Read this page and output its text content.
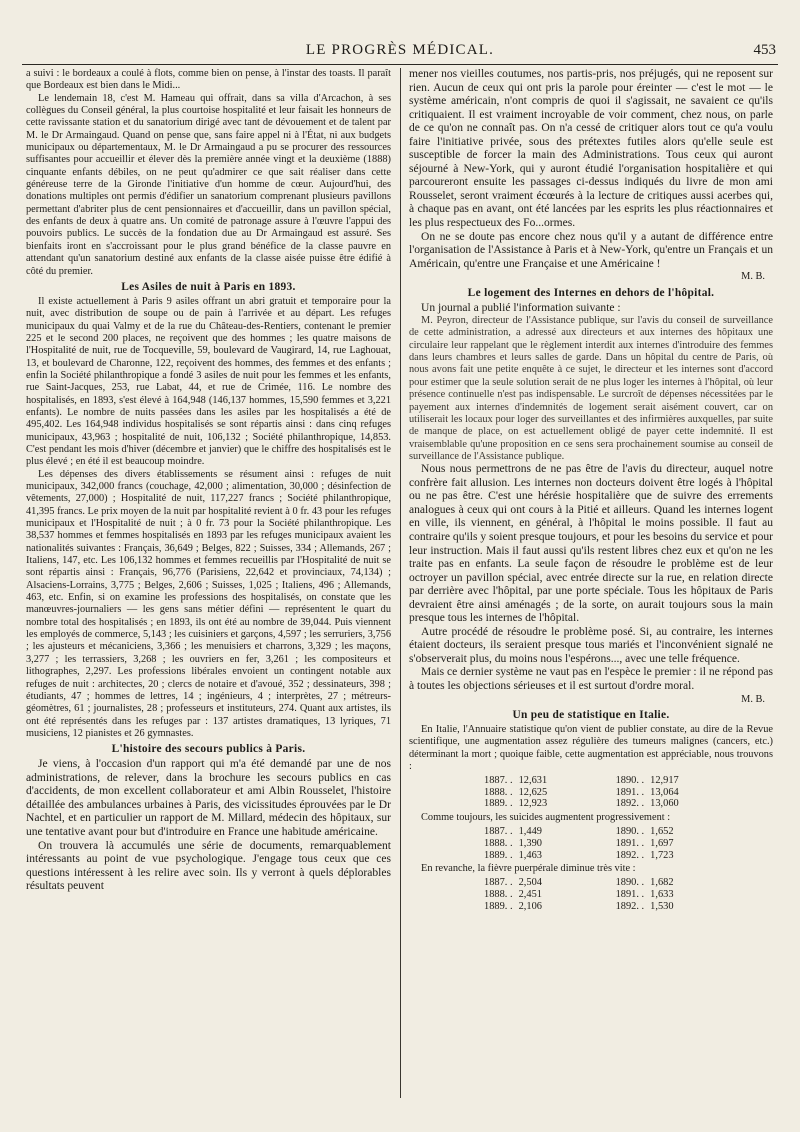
LE PROGRÈS MÉDICAL.	453

a suivi : le bordeaux a coulé à flots, comme bien on pense, à l'instar des toasts. Il paraît que Bordeaux est bien dans le Midi...

Le lendemain 18, c'est M. Hameau qui offrait, dans sa villa d'Arcachon, à ses collègues du Conseil général, la plus courtoise hospitalité et leur faisait les honneurs de cette ravissante station et du sanatorium dirigé avec tant de dévouement et de talent par M. le Dr Armaingaud. Quand on pense que, sans faire appel ni à l'État, ni aux budgets municipaux ou départementaux, M. le Dr Armaingaud a pu se procurer des ressources suffisantes pour accueillir et élever dès la première année vingt et la deuxième (1888) cinquante enfants débiles, on ne peut qu'admirer ce que sait réaliser dans cette généreuse terre de la Gironde l'initiative d'un homme de cœur. Aujourd'hui, des donations multiples ont permis d'édifier un sanatorium comprenant plusieurs pavillons permettant d'abriter plus de cent pensionnaires et d'accueillir, dans un pavillon spécial, des enfants de deux à quatre ans. Un comité de patronage assure à l'œuvre l'appui des pouvoirs publics. Le succès de la fondation due au Dr Armaingaud est assuré. Ses bienfaits iront en s'accroissant pour le plus grand bénéfice de la classe pauvre en attendant qu'un sanatorium destiné aux enfants de la classe aisée puisse être édifié à côté du premier.

Les Asiles de nuit à Paris en 1893.

Il existe actuellement à Paris 9 asiles offrant un abri gratuit et temporaire pour la nuit, avec distribution de soupe ou de pain à l'arrivée et au départ. Les refuges municipaux du quai Valmy et de la rue du Château-des-Rentiers, contenant le premier 225 et le second 200 places, ne reçoivent que des hommes ; les quatre maisons de l'Hospitalité de nuit, rue de Tocqueville, 59, boulevard de Vaugirard, 14, rue Laghouat, 13, et boulevard de Charonne, 122, reçoivent des hommes, des femmes et des enfants ; enfin la Société philanthropique a fondé 3 asiles de nuit pour les femmes et les enfants, rue Saint-Jacques, 253, rue Labat, 44, et rue de Crimée, 116. Le nombre des hospitalisés, en 1893, s'est élevé à 164,948 (146,137 hommes, 15,590 femmes et 3,221 enfants). Le nombre de nuits passées dans les asiles par les hospitalisés a été de 495,402. Les 164,948 individus hospitalisés se sont répartis ainsi : dans cinq refuges municipaux, 43,963 ; hospitalité de nuit, 106,132 ; Société philanthropique, 14,853. C'est pendant les mois d'hiver (décembre et janvier) que le chiffre des hospitalisés est le plus élevé ; en été il est beaucoup moindre.

Les dépenses des divers établissements se résument ainsi : refuges de nuit municipaux, 342,000 francs (couchage, 42,000 ; alimentation, 30,000 ; désinfection de vêtements, 27,000) ; Hospitalité de nuit, 117,227 francs ; Société philanthropique, 41,395 francs. Le prix moyen de la nuit par hospitalité revient à 0 fr. 43 pour les refuges municipaux et l'Hospitalité de nuit ; à 0 fr. 73 pour la Société philanthropique. Les 38,537 hommes et femmes hospitalisés en 1893 par les refuges municipaux avaient les nationalités suivantes : Français, 36,649 ; Belges, 822 ; Suisses, 334 ; Allemands, 267 ; Italiens, 147, etc. Les 106,132 hommes et femmes recueillis par l'Hospitalité de nuit se sont répartis ainsi : Français, 96,776 (Parisiens, 22,642 et provinciaux, 74,134) ; Alsaciens-Lorrains, 3,775 ; Belges, 2,606 ; Suisses, 1,025 ; Italiens, 496 ; Allemands, 463, etc. Enfin, si on examine les professions des hospitalisés, on constate que les manœuvres-journaliers — les gens sans métier défini — représentent le quart du nombre total des hospitalisés ; en 1893, ils ont été au nombre de 39,044. Puis viennent les employés de commerce, 5,143 ; les cuisiniers et garçons, 4,597 ; les serruriers, 3,756 ; les ajusteurs et mécaniciens, 3,366 ; les menuisiers et charrons, 3,329 ; les maçons, 3,277 ; les terrassiers, 3,268 ; les ouvriers en fer, 3,261 ; les compositeurs et lithographes, 2,297. Les professions libérales envoient un contingent notable aux refuges de nuit : architectes, 20 ; clercs de notaire et d'avoué, 352 ; dessinateurs, 398 ; étudiants, 47 ; hommes de lettres, 14 ; ingénieurs, 4 ; interprètes, 27 ; métreurs-géomètres, 61 ; journalistes, 28 ; professeurs et instituteurs, 274. Quant aux artistes, ils ont été représentés dans les refuges par : 137 artistes dramatiques, 13 lyriques, 71 musiciens, 12 pianistes et 26 gymnastes.

L'histoire des secours publics à Paris.

Je viens, à l'occasion d'un rapport qui m'a été demandé par une de nos administrations, de relever, dans la brochure les secours publics en cas d'accidents, de mon excellent collaborateur et ami Albin Rousselet, l'histoire détaillée des ambulances urbaines à Paris, des vicissitudes éprouvées par le Dr Nachtel, et en particulier un rapport de M. Millard, médecin des hôpitaux, sur une tentative avant pour but d'introduire en France une habitude américaine.

On trouvera là accumulés une série de documents, remarquablement intéressants au point de vue psychologique. J'engage tous ceux que ces questions intéressent à les relire avec soin. Ils y verront à quels déplorables résultats peuvent

mener nos vieilles coutumes, nos partis-pris, nos préjugés, qui ne reposent sur rien. Aucun de ceux qui ont pris la parole pour éreinter — c'est le mot — le système américain, n'ont compris de quoi il s'agissait, ne savaient ce qu'ils critiquaient. Il est vraiment incroyable de voir comment, chez nous, on parle de ce qu'on ne connaît pas. On n'a cessé de critiquer alors tout ce qu'a voulu faire l'initiative privée, sous des prétextes futiles alors qu'elle seule est susceptible de forcer la main des Administrations. Tous ceux qui auront séjourné à New-York, qui y auront étudié l'organisation hospitalière et qui parcoureront ensuite les passages ci-dessus indiqués du livre de mon ami Rousselet, seront vraiment écœurés à la lecture de critiques aussi acerbes qui, à chaque pas en avant, ont été lancées par les esprits les plus réactionnaires et les plus respectueux des Fo...ormes.

On ne se doute pas encore chez nous qu'il y a autant de différence entre l'organisation de l'Assistance à Paris et à New-York, qu'entre un Français et un Américain, qu'entre une Française et une Américaine !

M. B.

Le logement des Internes en dehors de l'hôpital.

Un journal a publié l'information suivante :

M. Peyron, directeur de l'Assistance publique, sur l'avis du conseil de surveillance de cette administration, a adressé aux directeurs et aux internes des hôpitaux une circulaire leur rappelant que le règlement interdit aux internes d'introduire des femmes dans leurs chambres et leurs salles de garde. Dans un hôpital du centre de Paris, où nous avons fait une petite enquête à ce sujet, le directeur et les internes sont d'accord pour estimer que la seule solution serait de ne plus loger les internes à l'hôpital, où leur présence continuelle n'est pas indispensable. Le surcroît de dépenses nécessitées par le payement aux internes d'indemnités de logement serait aisément couvert, car on utiliserait les locaux pour loger des surveillantes et des infirmières auxquelles, par suite de manque de place, on est actuellement obligé de payer cette indemnité. Il est vraisemblable qu'une proposition en ce sens sera prochainement soumise au conseil de surveillance de l'Assistance publique.

Nous nous permettrons de ne pas être de l'avis du directeur, auquel notre confrère fait allusion. Les internes non docteurs doivent être logés à l'hôpital ou ne pas être. C'est une hérésie hospitalière que de suivre des errements analogues à ceux qui ont cours à la Pitié et ailleurs. Quand les internes logent en ville, ils viennent, en général, à l'hôpital le moins possible. Il faut au contraire qu'ils y soient presque toujours, et pour les besoins du service et pour leur instruction. Mais il faut aussi qu'ils restent libres chez eux et qu'on ne les traite pas en enfants. La seule façon de résoudre le problème est de leur octroyer un pavillon spécial, avec entrée directe sur la rue, en relation directe par derrière avec l'hôpital, par une porte spéciale. Tous les hôpitaux de Paris devraient être ainsi aménagés ; de la sorte, on aurait toujours sous la main presque tous les internes de l'hôpital.

Autre procédé de résoudre le problème posé. Si, au contraire, les internes étaient docteurs, ils seraient presque tous mariés et l'inconvénient signalé ne s'observerait plus, du moins nous l'espérons..., avec une telle fréquence.

Mais ce dernier système ne vaut pas en l'espèce le premier : il ne répond pas à toutes les objections sérieuses et il est surtout d'ordre moral.

M. B.

Un peu de statistique en Italie.

En Italie, l'Annuaire statistique qu'on vient de publier constate, au dire de la Revue scientifique, une augmentation assez régulière des tumeurs malignes (cancers, etc.) déterminant la mort ; quoique faible, cette augmentation est appréciable, nous trouvons :

1887. .	12,631	1890. .	12,917
1888. .	12,625	1891. .	13,064
1889. .	12,923	1892. .	13,060

Comme toujours, les suicides augmentent progressivement :

1887. .	1,449	1890. .	1,652
1888. .	1,390	1891. .	1,697
1889. .	1,463	1892. .	1,723

En revanche, la fièvre puerpérale diminue très vite :

1887. .	2,504	1890. .	1,682
1888. .	2,451	1891. .	1,633
1889. .	2,106	1892. .	1,530
